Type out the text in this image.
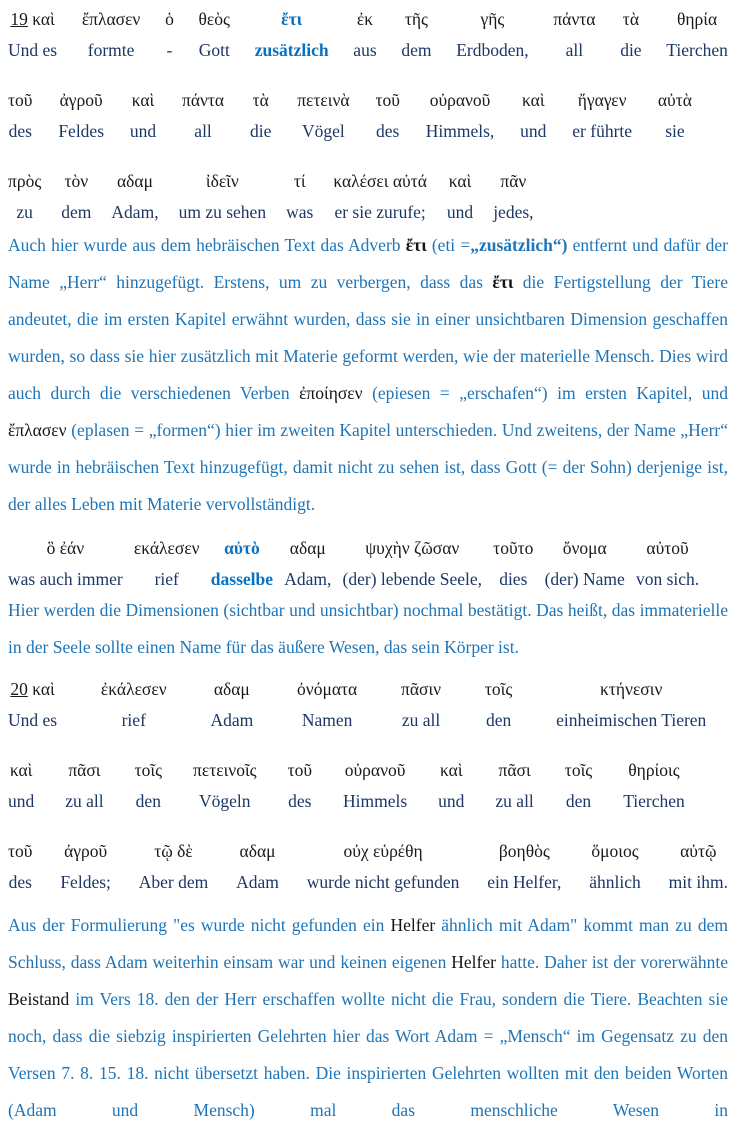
19 καὶ
Und es
ἔπλασεν
formte
ὁ
-
θεὸς
Gott
ἔτι
zusätzlich
ἐκ
aus
τῆς
dem
γῆς
Erdboden,
πάντα
all
τὰ
die
θηρία
Tierchen
τοῦ
des
ἀγροῦ
Feldes
καὶ
und
πάντα
all
τὰ
die
πετεινὰ
Vögel
τοῦ
des
οὐρανοῦ
Himmels,
καὶ
und
ἤγαγεν
er führte
αὐτὰ
sie
πρὸς
zu
τὸν
dem
αδαμ
Adam,
ἰδεῖν
um zu sehen
τί
was
καλέσει αὐτά
er sie zurufe;
καὶ
und
πᾶν
jedes,
Auch hier wurde aus dem hebräischen Text das Adverb ἔτι (eti =„zusätzlich“) entfernt und dafür der Name „Herr“ hinzugefügt. Erstens, um zu verbergen, dass das ἔτι die Fertigstellung der Tiere andeutet, die im ersten Kapitel erwähnt wurden, dass sie in einer unsichtbaren Dimension geschaffen wurden, so dass sie hier zusätzlich mit Materie geformt werden, wie der materielle Mensch. Dies wird auch durch die verschiedenen Verben ἐποίησεν (epiesen = „erschafen“) im ersten Kapitel, und ἔπλασεν (eplasen = „formen“) hier im zweiten Kapitel unterschieden. Und zweitens, der Name „Herr“ wurde in hebräischen Text hinzugefügt, damit nicht zu sehen ist, dass Gott (= der Sohn) derjenige ist, der alles Leben mit Materie vervollständigt.
ὃ ἐάν
was auch immer
εκάλεσεν
rief
αὐτὸ
dasselbe
αδαμ
Adam,
ψυχὴν ζῶσαν
(der) lebende Seele,
τοῦτο
dies
ὄνομα
(der) Name
αὐτοῦ
von sich.
Hier werden die Dimensionen (sichtbar und unsichtbar) nochmal bestätigt. Das heißt, das immaterielle in der Seele sollte einen Name für das äußere Wesen, das sein Körper ist.
20 καὶ
Und es
ἐκάλεσεν
rief
αδαμ
Adam
ὀνόματα
Namen
πᾶσιν
zu all
τοῖς
den
κτήνεσιν
einheimischen Tieren
καὶ
und
πᾶσι
zu all
τοῖς
den
πετεινοῖς
Vögeln
τοῦ
des
οὐρανοῦ
Himmels
καὶ
und
πᾶσι
zu all
τοῖς
den
θηρίοις
Tierchen
τοῦ
des
ἀγροῦ
Feldes;
τῷ δὲ
Aber dem
αδαμ
Adam
οὐχ εὑρέθη
wurde nicht gefunden
βοηθὸς
ein Helfer,
ὅμοιος
ähnlich
αὐτῷ
mit ihm.
Aus der Formulierung "es wurde nicht gefunden ein Helfer ähnlich mit Adam" kommt man zu dem Schluss, dass Adam weiterhin einsam war und keinen eigenen Helfer hatte. Daher ist der vorerwähnte Beistand im Vers 18. den der Herr erschaffen wollte nicht die Frau, sondern die Tiere. Beachten sie noch, dass die siebzig inspirierten Gelehrten hier das Wort Adam = „Mensch“ im Gegensatz zu den Versen 7. 8. 15. 18. nicht übersetzt haben. Die inspirierten Gelehrten wollten mit den beiden Worten (Adam und Mensch) mal das menschliche Wesen in
